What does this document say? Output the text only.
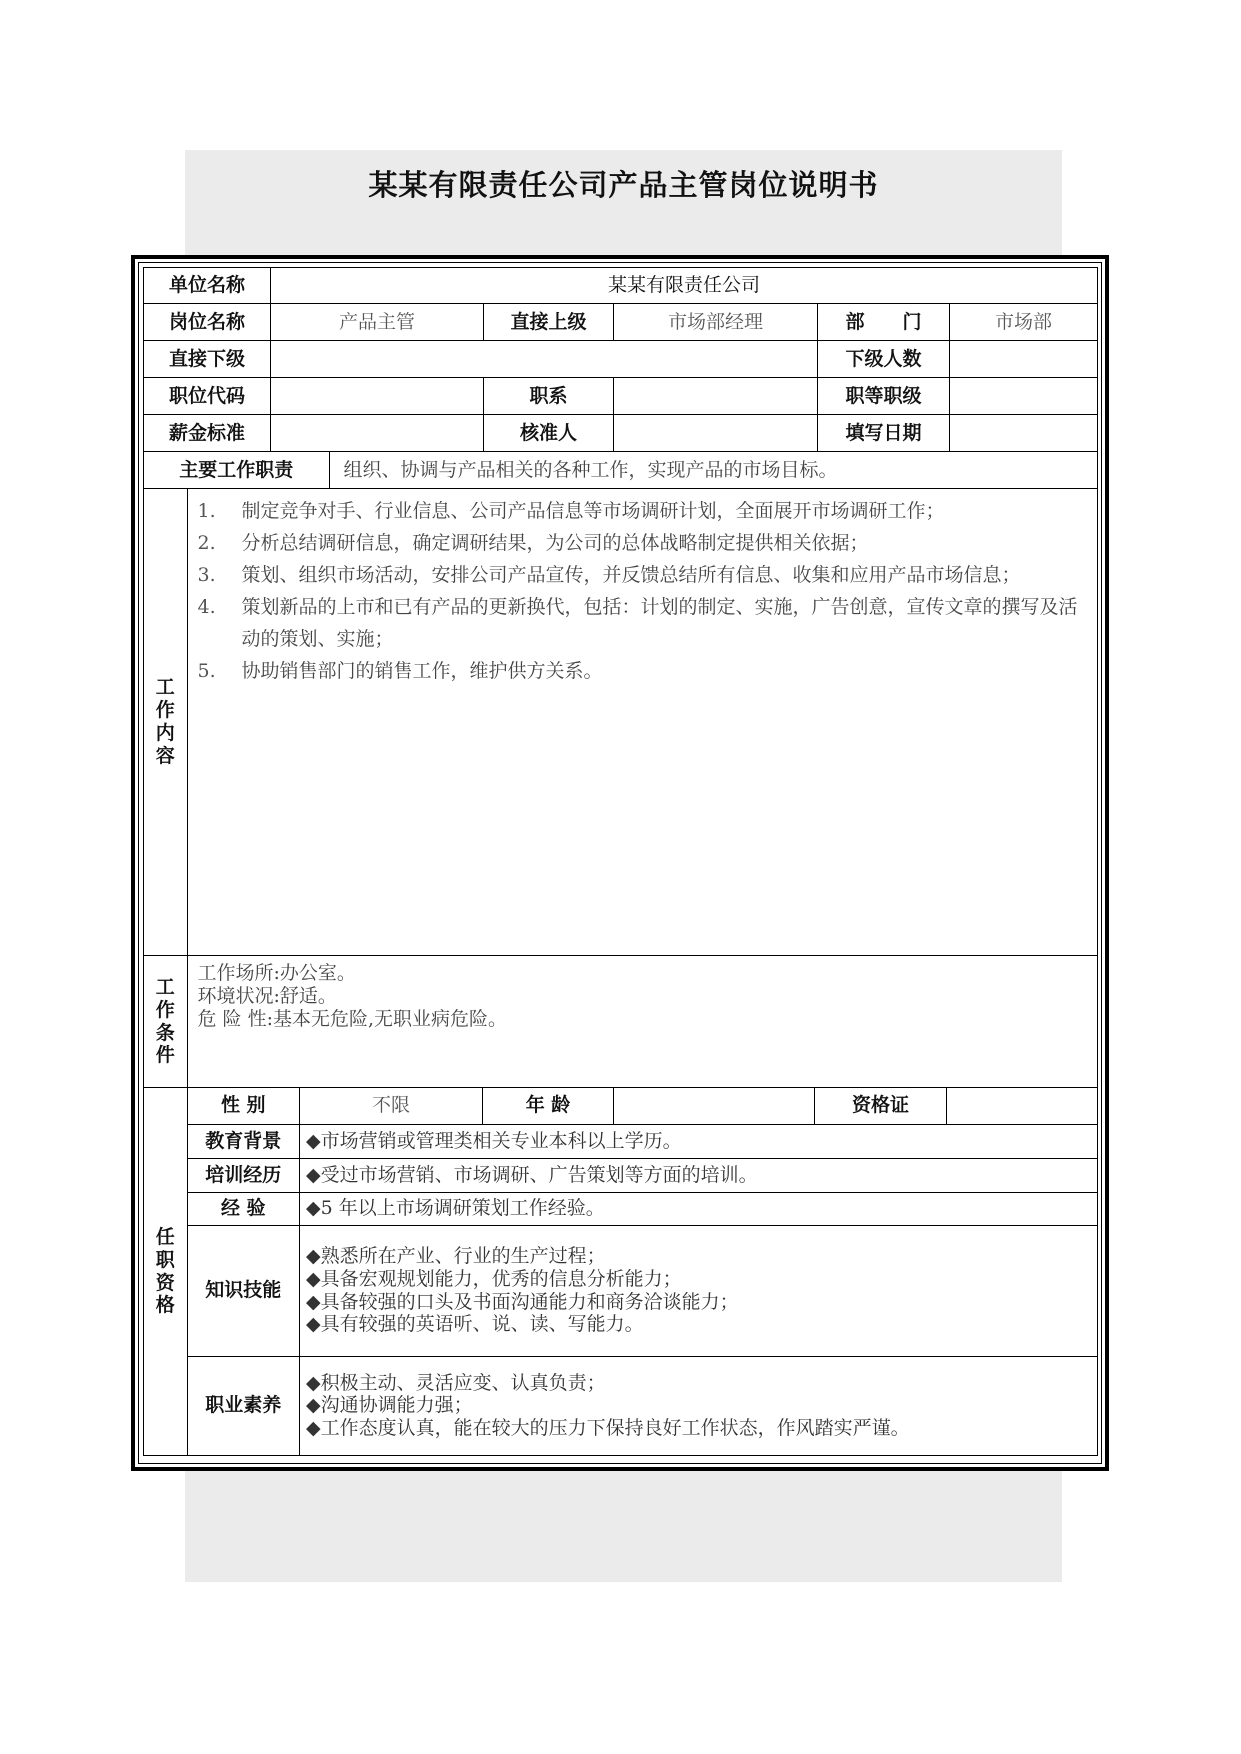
某某有限责任公司产品主管岗位说明书
单位名称	某某有限责任公司
岗位名称	产品主管	直接上级	市场部经理	部　　门	市场部
直接下级		下级人数	
职位代码		职系		职等职级	
薪金标准		核准人		填写日期	

主要工作职责	组织、协调与产品相关的各种工作，实现产品的市场目标。

工
作
内
容

1.	制定竞争对手、行业信息、公司产品信息等市场调研计划，全面展开市场调研工作；
2.	分析总结调研信息，确定调研结果，为公司的总体战略制定提供相关依据；
3.	策划、组织市场活动，安排公司产品宣传，并反馈总结所有信息、收集和应用产品市场信息；
4.	策划新品的上市和已有产品的更新换代，包括：计划的制定、实施，广告创意，宣传文章的撰写及活动的策划、实施；
5.	协助销售部门的销售工作，维护供方关系。

工
作
条
件

工作场所:办公室。
环境状况:舒适。
危 险 性:基本无危险,无职业病危险。

任
职
资
格

性 别	不限	年 龄		资格证	
教育背景	◆市场营销或管理类相关专业本科以上学历。
培训经历	◆受过市场营销、市场调研、广告策划等方面的培训。
经 验	◆5 年以上市场调研策划工作经验。
知识技能	
◆熟悉所在产业、行业的生产过程；
◆具备宏观规划能力，优秀的信息分析能力；
◆具备较强的口头及书面沟通能力和商务洽谈能力；
◆具有较强的英语听、说、读、写能力。

职业素养	
◆积极主动、灵活应变、认真负责；
◆沟通协调能力强；
◆工作态度认真，能在较大的压力下保持良好工作状态，作风踏实严谨。
